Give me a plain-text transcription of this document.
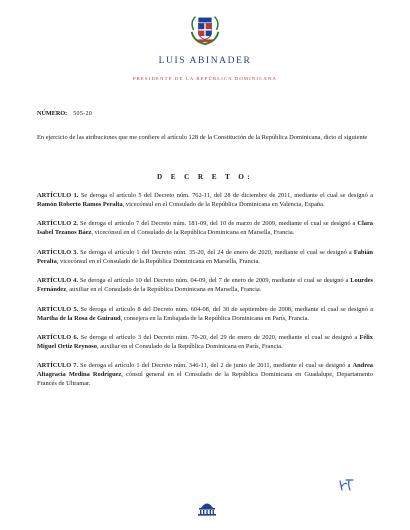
LUIS ABINADER
PRESIDENTE DE LA REPÚBLICA DOMINICANA
NÚMERO: 505-20
En ejercicio de las atribuciones que me confiere el artículo 128 de la Constitución de la República Dominicana, dicto el siguiente
D E C R E T O:

ARTÍCULO 1. Se deroga el artículo 5 del Decreto núm. 762-11, del 28 de diciembre de 2011, mediante el cual se designó a Ramón Roberto Ramos Peralta, vicecónsul en el Consulado de la República Dominicana en Valencia, España.

ARTÍCULO 2. Se deroga el artículo 7 del Decreto núm. 181-09, del 10 de marzo de 2009, mediante el cual se designó a Clara Isabel Tezanos Báez, vicecónsul en el Consulado de la República Dominicana en Marsella, Francia.

ARTÍCULO 3. Se deroga el artículo 1 del Decreto núm. 35-20, del 24 de enero de 2020, mediante el cual se designó a Fabián Peralta, vicecónsul en el Consulado de la República Dominicana en Marsella, Francia.

ARTÍCULO 4. Se deroga el artículo 10 del Decreto núm. 04-09, del 7 de enero de 2009, mediante el cual se designó a Lourdes Fernández, auxiliar en el Consulado de la República Dominicana en Marsella, Francia.

ARTÍCULO 5. Se deroga el artículo 8 del Decreto núm. 604-08, del 30 de septiembre de 2008, mediante el cual se designó a Martha de la Rosa de Guiraud, consejera en la Embajada de la República Dominicana en París, Francia.

ARTÍCULO 6. Se deroga el artículo 3 del Decreto núm. 70-20, del 29 de enero de 2020, mediante el cual se designó a Félix Miguel Ortiz Reynoso, auxiliar en el Consulado de la República Dominicana en París, Francia.

ARTÍCULO 7. Se deroga el artículo 1 del Decreto núm. 346-11, del 2 de junio de 2011, mediante el cual se designó a Andrea Altagracia Medina Rodríguez, cónsul general en el Consulado de la República Dominicana en Guadalupe, Departamento Francés de Ultramar.
